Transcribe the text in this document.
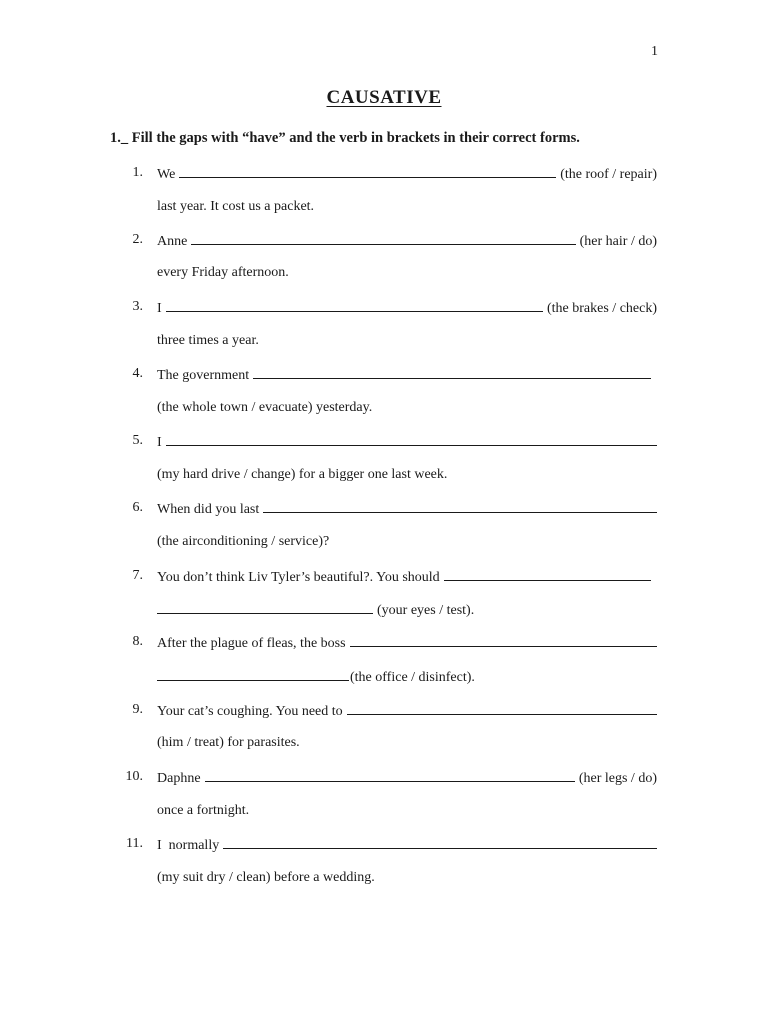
1
CAUSATIVE
1._ Fill the gaps with “have” and the verb in brackets in their correct forms.
1. We	(the roof / repair)
last year. It cost us a packet.
2. Anne	(her hair / do)
every Friday afternoon.
3. I	(the brakes / check)
three times a year.
4. The government
(the whole town / evacuate) yesterday.
5. I
(my hard drive / change) for a bigger one last week.
6. When did you last
(the airconditioning / service)?
7. You don’t think Liv Tyler’s beautiful?. You should
(your eyes / test).
8. After the plague of fleas, the boss
(the office / disinfect).
9. Your cat’s coughing. You need to
(him / treat) for parasites.
10. Daphne	(her legs / do)
once a fortnight.
11. I  normally
(my suit dry / clean) before a wedding.
